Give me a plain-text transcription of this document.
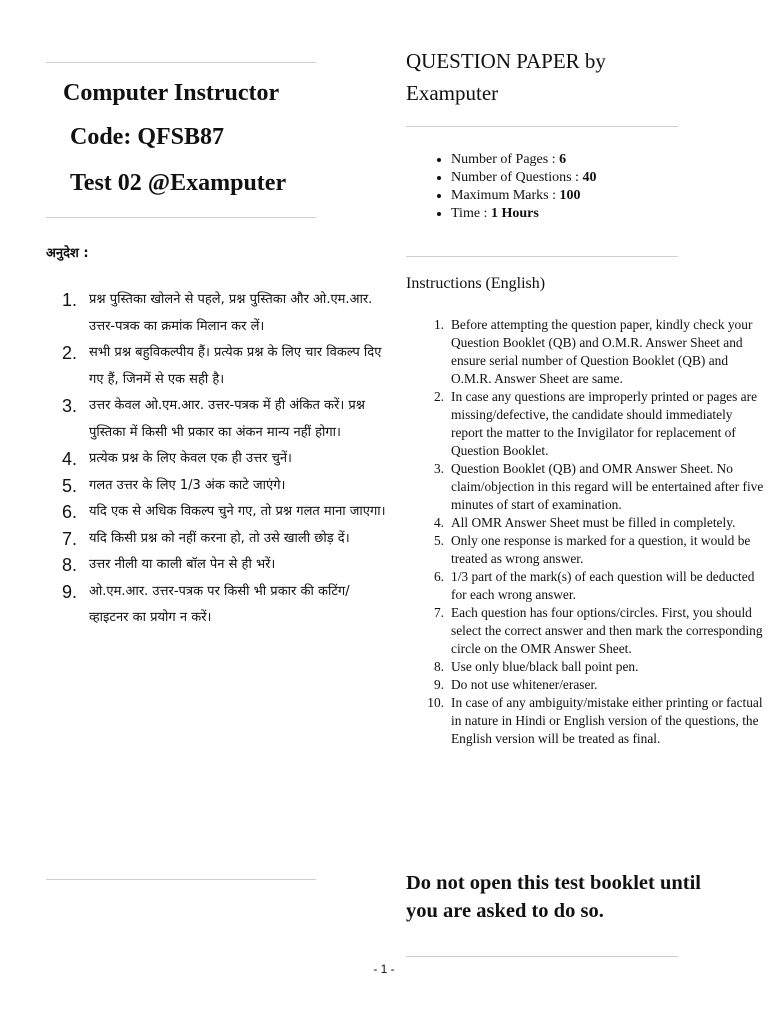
Computer Instructor
Code: QFSB87
Test 02 @Examputer
अनुदेश :
1. प्रश्न पुस्तिका खोलने से पहले, प्रश्न पुस्तिका और ओ.एम.आर. उत्तर-पत्रक का क्रमांक मिलान कर लें।
2. सभी प्रश्न बहुविकल्पीय हैं। प्रत्येक प्रश्न के लिए चार विकल्प दिए गए हैं, जिनमें से एक सही है।
3. उत्तर केवल ओ.एम.आर. उत्तर-पत्रक में ही अंकित करें। प्रश्न पुस्तिका में किसी भी प्रकार का अंकन मान्य नहीं होगा।
4. प्रत्येक प्रश्न के लिए केवल एक ही उत्तर चुनें।
5. गलत उत्तर के लिए 1/3 अंक काटे जाएंगे।
6. यदि एक से अधिक विकल्प चुने गए, तो प्रश्न गलत माना जाएगा।
7. यदि किसी प्रश्न को नहीं करना हो, तो उसे खाली छोड़ दें।
8. उत्तर नीली या काली बॉल पेन से ही भरें।
9. ओ.एम.आर. उत्तर-पत्रक पर किसी भी प्रकार की कटिंग/व्हाइटनर का प्रयोग न करें।
QUESTION PAPER by Examputer
• Number of Pages : 6
• Number of Questions : 40
• Maximum Marks : 100
• Time : 1 Hours
Instructions (English)
1. Before attempting the question paper, kindly check your Question Booklet (QB) and O.M.R. Answer Sheet and ensure serial number of Question Booklet (QB) and O.M.R. Answer Sheet are same.
2. In case any questions are improperly printed or pages are missing/defective, the candidate should immediately report the matter to the Invigilator for replacement of Question Booklet.
3. Question Booklet (QB) and OMR Answer Sheet. No claim/objection in this regard will be entertained after five minutes of start of examination.
4. All OMR Answer Sheet must be filled in completely.
5. Only one response is marked for a question, it would be treated as wrong answer.
6. 1/3 part of the mark(s) of each question will be deducted for each wrong answer.
7. Each question has four options/circles. First, you should select the correct answer and then mark the corresponding circle on the OMR Answer Sheet.
8. Use only blue/black ball point pen.
9. Do not use whitener/eraser.
10. In case of any ambiguity/mistake either printing or factual in nature in Hindi or English version of the questions, the English version will be treated as final.
Do not open this test booklet until you are asked to do so.
- 1 -
